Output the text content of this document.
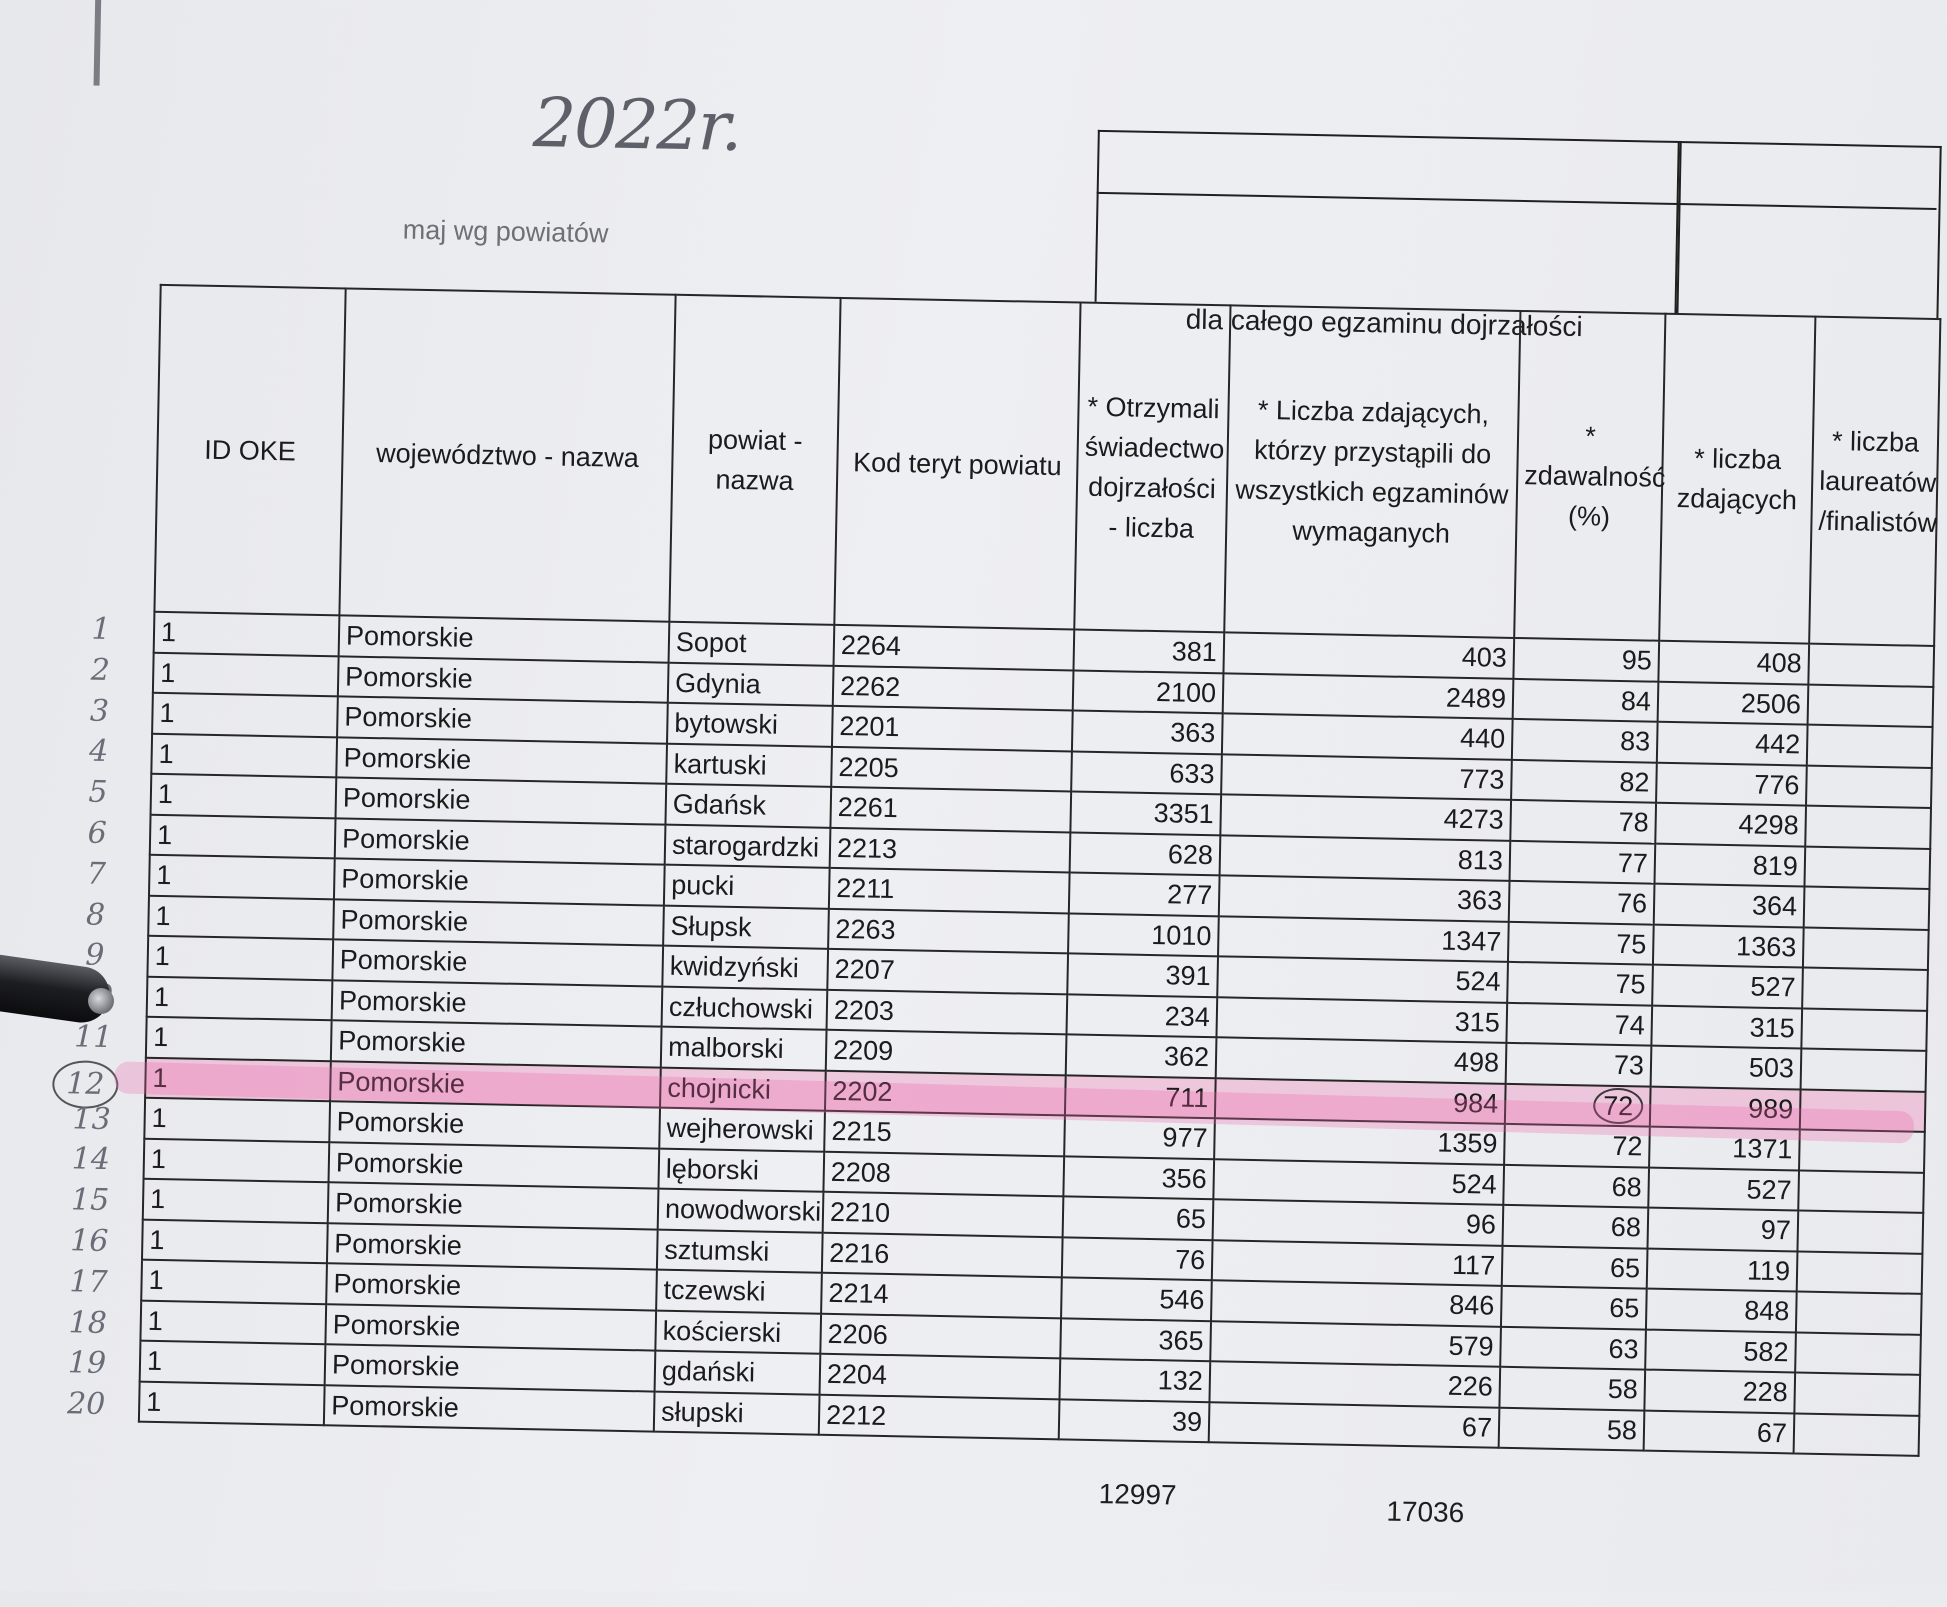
2022r.
maj wg powiatów
dla całego egzaminu dojrzałości
ID OKE	województwo - nazwa	powiat - nazwa	Kod teryt powiatu	* Otrzymali świadectwo dojrzałości - liczba	* Liczba zdających, którzy przystąpili do wszystkich egzaminów wymaganych	* zdawalność (%)	* liczba zdających	* liczba laureatów /finalistów
1	Pomorskie	Sopot	2264	381	403	95	408	
1	Pomorskie	Gdynia	2262	2100	2489	84	2506	
1	Pomorskie	bytowski	2201	363	440	83	442	
1	Pomorskie	kartuski	2205	633	773	82	776	
1	Pomorskie	Gdańsk	2261	3351	4273	78	4298	
1	Pomorskie	starogardzki	2213	628	813	77	819	
1	Pomorskie	pucki	2211	277	363	76	364	
1	Pomorskie	Słupsk	2263	1010	1347	75	1363	
1	Pomorskie	kwidzyński	2207	391	524	75	527	
1	Pomorskie	człuchowski	2203	234	315	74	315	
1	Pomorskie	malborski	2209	362	498	73	503	
1	Pomorskie	chojnicki	2202	711	984	72	989	
1	Pomorskie	wejherowski	2215	977	1359	72	1371	
1	Pomorskie	lęborski	2208	356	524	68	527	
1	Pomorskie	nowodworski	2210	65	96	68	97	
1	Pomorskie	sztumski	2216	76	117	65	119	
1	Pomorskie	tczewski	2214	546	846	65	848	
1	Pomorskie	kościerski	2206	365	579	63	582	
1	Pomorskie	gdański	2204	132	226	58	228	
1	Pomorskie	słupski	2212	39	67	58	67	
1
2
3
4
5
6
7
8
9
11
12
13
14
15
16
17
18
19
20
12997
17036
